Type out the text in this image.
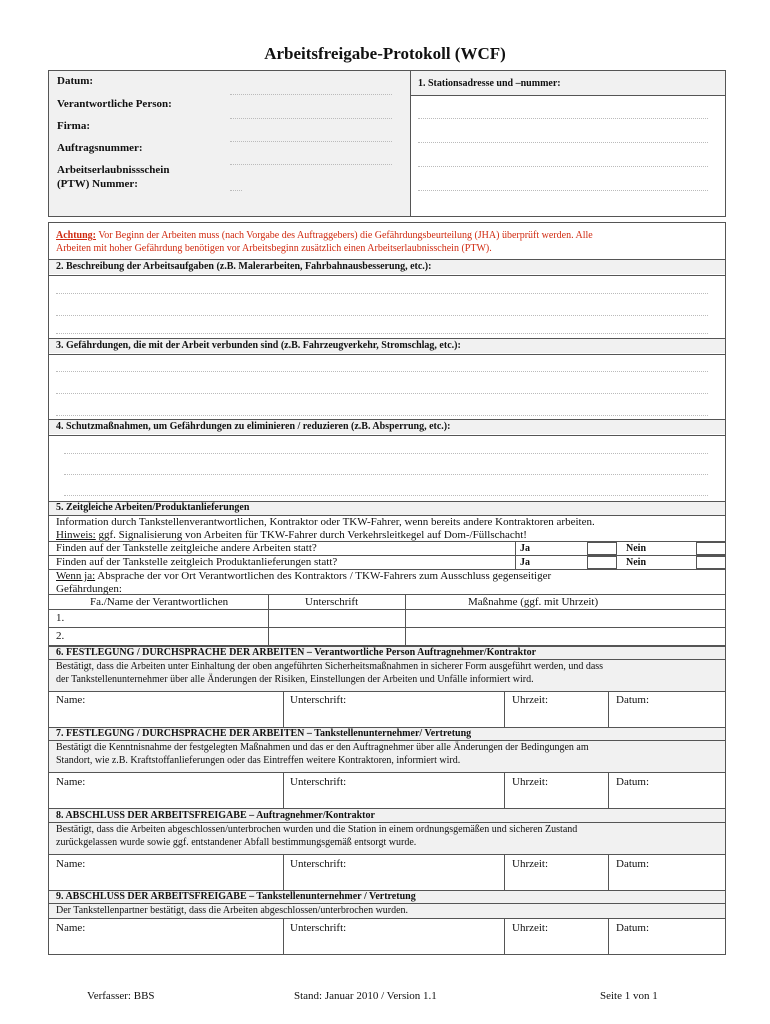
Arbeitsfreigabe-Protokoll (WCF)
Datum:
Verantwortliche Person:
Firma:
Auftragsnummer:
Arbeitserlaubnissschein
(PTW) Nummer:
1. Stationsadresse und –nummer:
Achtung: Vor Beginn der Arbeiten muss (nach Vorgabe des Auftraggebers) die Gefährdungsbeurteilung (JHA) überprüft werden. Alle
Arbeiten mit hoher Gefährdung benötigen vor Arbeitsbeginn zusätzlich einen Arbeitserlaubnisschein (PTW).
2. Beschreibung der Arbeitsaufgaben (z.B. Malerarbeiten, Fahrbahnausbesserung, etc.):
3. Gefährdungen, die mit der Arbeit verbunden sind (z.B. Fahrzeugverkehr, Stromschlag, etc.):
4. Schutzmaßnahmen, um Gefährdungen zu eliminieren / reduzieren (z.B. Absperrung, etc.):
5. Zeitgleiche Arbeiten/Produktanlieferungen
Information durch Tankstellenverantwortlichen, Kontraktor oder TKW-Fahrer, wenn bereits andere Kontraktoren arbeiten.
Hinweis: ggf. Signalisierung von Arbeiten für TKW-Fahrer durch Verkehrsleitkegel auf Dom-/Füllschacht!
Finden auf der Tankstelle zeitgleiche andere Arbeiten statt?	Ja	Nein
Finden auf der Tankstelle zeitgleich Produktanlieferungen statt?	Ja	Nein
Wenn ja: Absprache der vor Ort Verantwortlichen des Kontraktors / TKW-Fahrers zum Ausschluss gegenseitiger
Gefährdungen:
Fa./Name der Verantwortlichen	Unterschrift	Maßnahme (ggf. mit Uhrzeit)
1.
2.
6. FESTLEGUNG / DURCHSPRACHE DER ARBEITEN – Verantwortliche Person Auftragnehmer/Kontraktor
Bestätigt, dass die Arbeiten unter Einhaltung der oben angeführten Sicherheitsmaßnahmen in sicherer Form ausgeführt werden, und dass
der Tankstellenunternehmer über alle Änderungen der Risiken, Einstellungen der Arbeiten und Unfälle informiert wird.
Name:	Unterschrift:	Uhrzeit:	Datum:
7. FESTLEGUNG / DURCHSPRACHE DER ARBEITEN – Tankstellenunternehmer/ Vertretung
Bestätigt die Kenntnisnahme der festgelegten Maßnahmen und das er den Auftragnehmer über alle Änderungen der Bedingungen am
Standort, wie z.B. Kraftstoffanlieferungen oder das Eintreffen weitere Kontraktoren, informiert wird.
Name:	Unterschrift:	Uhrzeit:	Datum:
8. ABSCHLUSS DER ARBEITSFREIGABE – Auftragnehmer/Kontraktor
Bestätigt, dass die Arbeiten abgeschlossen/unterbrochen wurden und die Station in einem ordnungsgemäßen und sicheren Zustand
zurückgelassen wurde sowie ggf. entstandener Abfall bestimmungsgemäß entsorgt wurde.
Name:	Unterschrift:	Uhrzeit:	Datum:
9. ABSCHLUSS DER ARBEITSFREIGABE – Tankstellenunternehmer / Vertretung
Der Tankstellenpartner bestätigt, dass die Arbeiten abgeschlossen/unterbrochen wurden.
Name:	Unterschrift:	Uhrzeit:	Datum:
Verfasser: BBS	Stand: Januar 2010 / Version 1.1	Seite 1 von 1
